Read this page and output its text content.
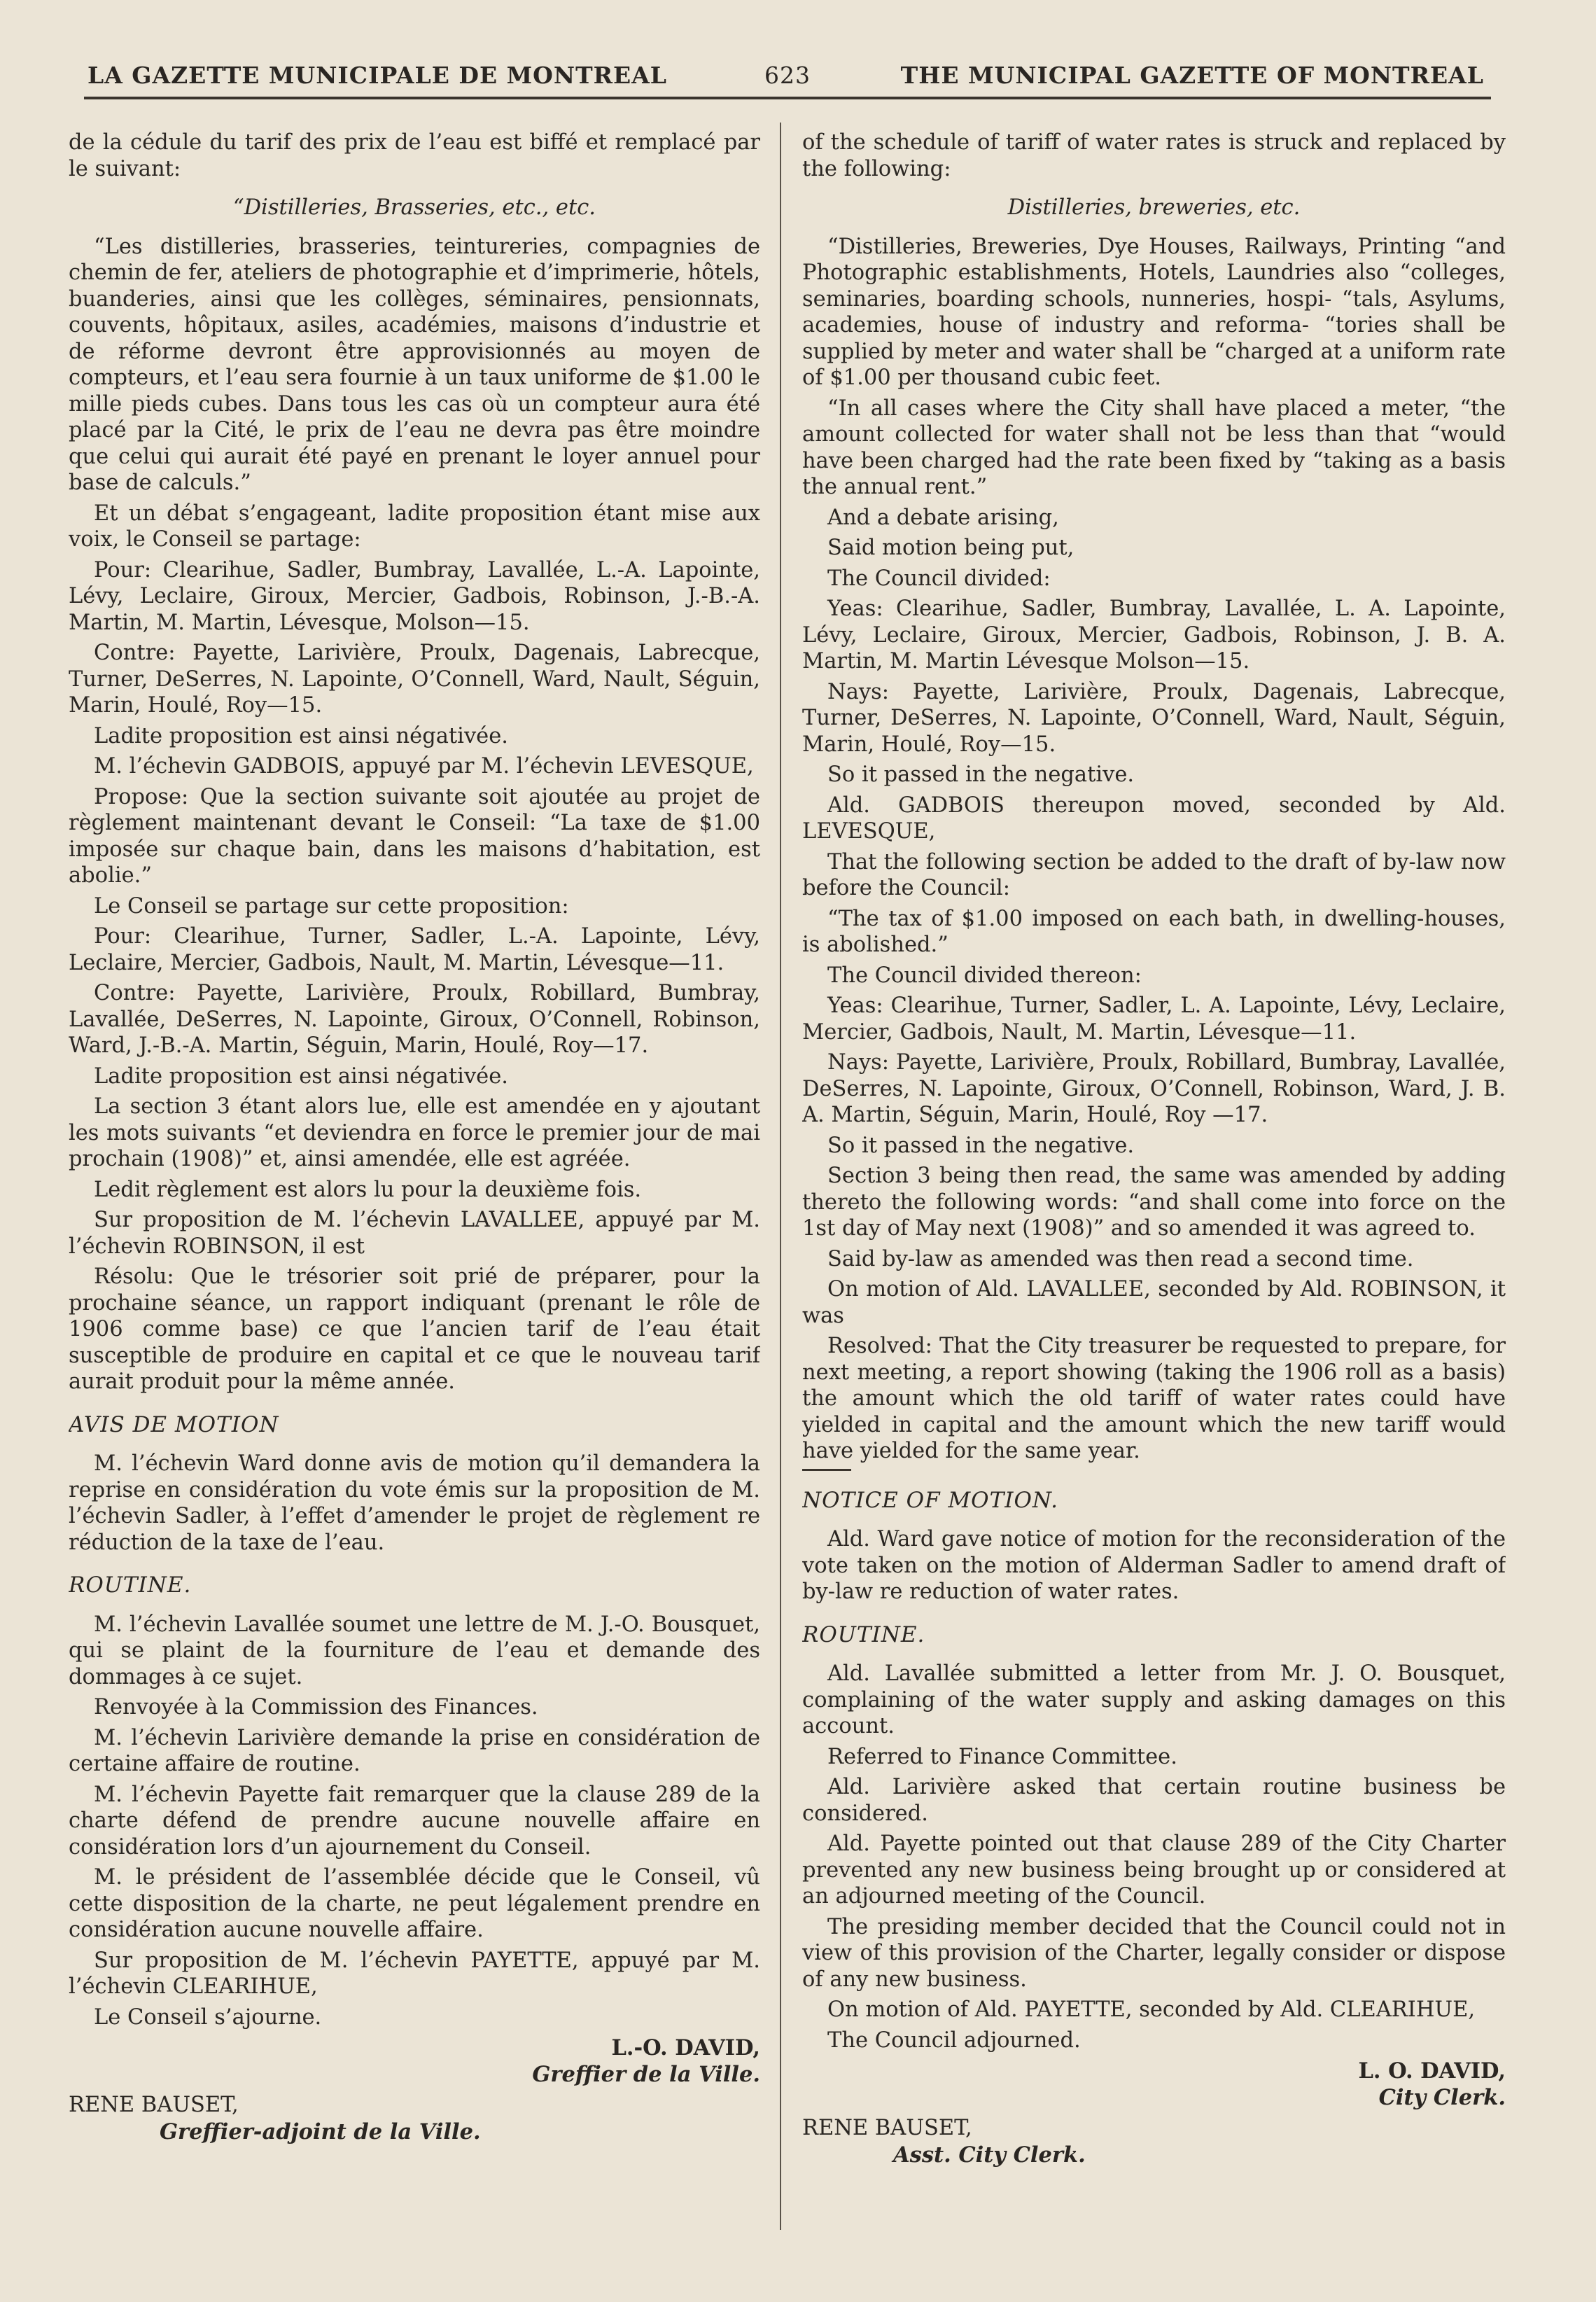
LA GAZETTE MUNICIPALE DE MONTREAL	623	THE MUNICIPAL GAZETTE OF MONTREAL

de la cédule du tarif des prix de l’eau est biffé et remplacé par le suivant:

“Distilleries, Brasseries, etc., etc.

“Les distilleries, brasseries, teintureries, compagnies de chemin de fer, ateliers de photographie et d’imprimerie, hôtels, buanderies, ainsi que les collèges, séminaires, pensionnats, couvents, hôpitaux, asiles, académies, maisons d’industrie et de réforme devront être approvisionnés au moyen de compteurs, et l’eau sera fournie à un taux uniforme de $1.00 le mille pieds cubes. Dans tous les cas où un compteur aura été placé par la Cité, le prix de l’eau ne devra pas être moindre que celui qui aurait été payé en prenant le loyer annuel pour base de calculs.”

Et un débat s’engageant, ladite proposition étant mise aux voix, le Conseil se partage:

Pour: Clearihue, Sadler, Bumbray, Lavallée, L.-A. Lapointe, Lévy, Leclaire, Giroux, Mercier, Gadbois, Robinson, J.-B.-A. Martin, M. Martin, Lévesque, Molson—15.

Contre: Payette, Larivière, Proulx, Dagenais, Labrecque, Turner, DeSerres, N. Lapointe, O’Connell, Ward, Nault, Séguin, Marin, Houlé, Roy—15.

Ladite proposition est ainsi négativée.

M. l’échevin GADBOIS, appuyé par M. l’échevin LEVESQUE,

Propose: Que la section suivante soit ajoutée au projet de règlement maintenant devant le Conseil: “La taxe de $1.00 imposée sur chaque bain, dans les maisons d’habitation, est abolie.”

Le Conseil se partage sur cette proposition:

Pour: Clearihue, Turner, Sadler, L.-A. Lapointe, Lévy, Leclaire, Mercier, Gadbois, Nault, M. Martin, Lévesque—11.

Contre: Payette, Larivière, Proulx, Robillard, Bumbray, Lavallée, DeSerres, N. Lapointe, Giroux, O’Connell, Robinson, Ward, J.-B.-A. Martin, Séguin, Marin, Houlé, Roy—17.

Ladite proposition est ainsi négativée.

La section 3 étant alors lue, elle est amendée en y ajoutant les mots suivants “et deviendra en force le premier jour de mai prochain (1908)” et, ainsi amendée, elle est agréée.

Ledit règlement est alors lu pour la deuxième fois.

Sur proposition de M. l’échevin LAVALLEE, appuyé par M. l’échevin ROBINSON, il est

Résolu: Que le trésorier soit prié de préparer, pour la prochaine séance, un rapport indiquant (prenant le rôle de 1906 comme base) ce que l’ancien tarif de l’eau était susceptible de produire en capital et ce que le nouveau tarif aurait produit pour la même année.

AVIS DE MOTION

M. l’échevin Ward donne avis de motion qu’il demandera la reprise en considération du vote émis sur la proposition de M. l’échevin Sadler, à l’effet d’amender le projet de règlement re réduction de la taxe de l’eau.

ROUTINE.

M. l’échevin Lavallée soumet une lettre de M. J.-O. Bousquet, qui se plaint de la fourniture de l’eau et demande des dommages à ce sujet.

Renvoyée à la Commission des Finances.

M. l’échevin Larivière demande la prise en considération de certaine affaire de routine.

M. l’échevin Payette fait remarquer que la clause 289 de la charte défend de prendre aucune nouvelle affaire en considération lors d’un ajournement du Conseil.

M. le président de l’assemblée décide que le Conseil, vû cette disposition de la charte, ne peut légalement prendre en considération aucune nouvelle affaire.

Sur proposition de M. l’échevin PAYETTE, appuyé par M. l’échevin CLEARIHUE,

Le Conseil s’ajourne.

L.-O. DAVID,
Greffier de la Ville.

RENE BAUSET,
Greffier-adjoint de la Ville.

of the schedule of tariff of water rates is struck and replaced by the following:

Distilleries, breweries, etc.

“Distilleries, Breweries, Dye Houses, Railways, Printing “and Photographic establishments, Hotels, Laundries also “colleges, seminaries, boarding schools, nunneries, hospi- “tals, Asylums, academies, house of industry and reforma- “tories shall be supplied by meter and water shall be “charged at a uniform rate of $1.00 per thousand cubic feet.

“In all cases where the City shall have placed a meter, “the amount collected for water shall not be less than that “would have been charged had the rate been fixed by “taking as a basis the annual rent.”

And a debate arising,

Said motion being put,

The Council divided:

Yeas: Clearihue, Sadler, Bumbray, Lavallée, L. A. Lapointe, Lévy, Leclaire, Giroux, Mercier, Gadbois, Robinson, J. B. A. Martin, M. Martin Lévesque Molson—15.

Nays: Payette, Larivière, Proulx, Dagenais, Labrecque, Turner, DeSerres, N. Lapointe, O’Connell, Ward, Nault, Séguin, Marin, Houlé, Roy—15.

So it passed in the negative.

Ald. GADBOIS thereupon moved, seconded by Ald. LEVESQUE,

That the following section be added to the draft of by-law now before the Council:

“The tax of $1.00 imposed on each bath, in dwelling-houses, is abolished.”

The Council divided thereon:

Yeas: Clearihue, Turner, Sadler, L. A. Lapointe, Lévy, Leclaire, Mercier, Gadbois, Nault, M. Martin, Lévesque—11.

Nays: Payette, Larivière, Proulx, Robillard, Bumbray, Lavallée, DeSerres, N. Lapointe, Giroux, O’Connell, Robinson, Ward, J. B. A. Martin, Séguin, Marin, Houlé, Roy —17.

So it passed in the negative.

Section 3 being then read, the same was amended by adding thereto the following words: “and shall come into force on the 1st day of May next (1908)” and so amended it was agreed to.

Said by-law as amended was then read a second time.

On motion of Ald. LAVALLEE, seconded by Ald. ROBINSON, it was

Resolved: That the City treasurer be requested to prepare, for next meeting, a report showing (taking the 1906 roll as a basis) the amount which the old tariff of water rates could have yielded in capital and the amount which the new tariff would have yielded for the same year.

NOTICE OF MOTION.

Ald. Ward gave notice of motion for the reconsideration of the vote taken on the motion of Alderman Sadler to amend draft of by-law re reduction of water rates.

ROUTINE.

Ald. Lavallée submitted a letter from Mr. J. O. Bousquet, complaining of the water supply and asking damages on this account.

Referred to Finance Committee.

Ald. Larivière asked that certain routine business be considered.

Ald. Payette pointed out that clause 289 of the City Charter prevented any new business being brought up or considered at an adjourned meeting of the Council.

The presiding member decided that the Council could not in view of this provision of the Charter, legally consider or dispose of any new business.

On motion of Ald. PAYETTE, seconded by Ald. CLEARIHUE,

The Council adjourned.

L. O. DAVID,
City Clerk.

RENE BAUSET,
Asst. City Clerk.
